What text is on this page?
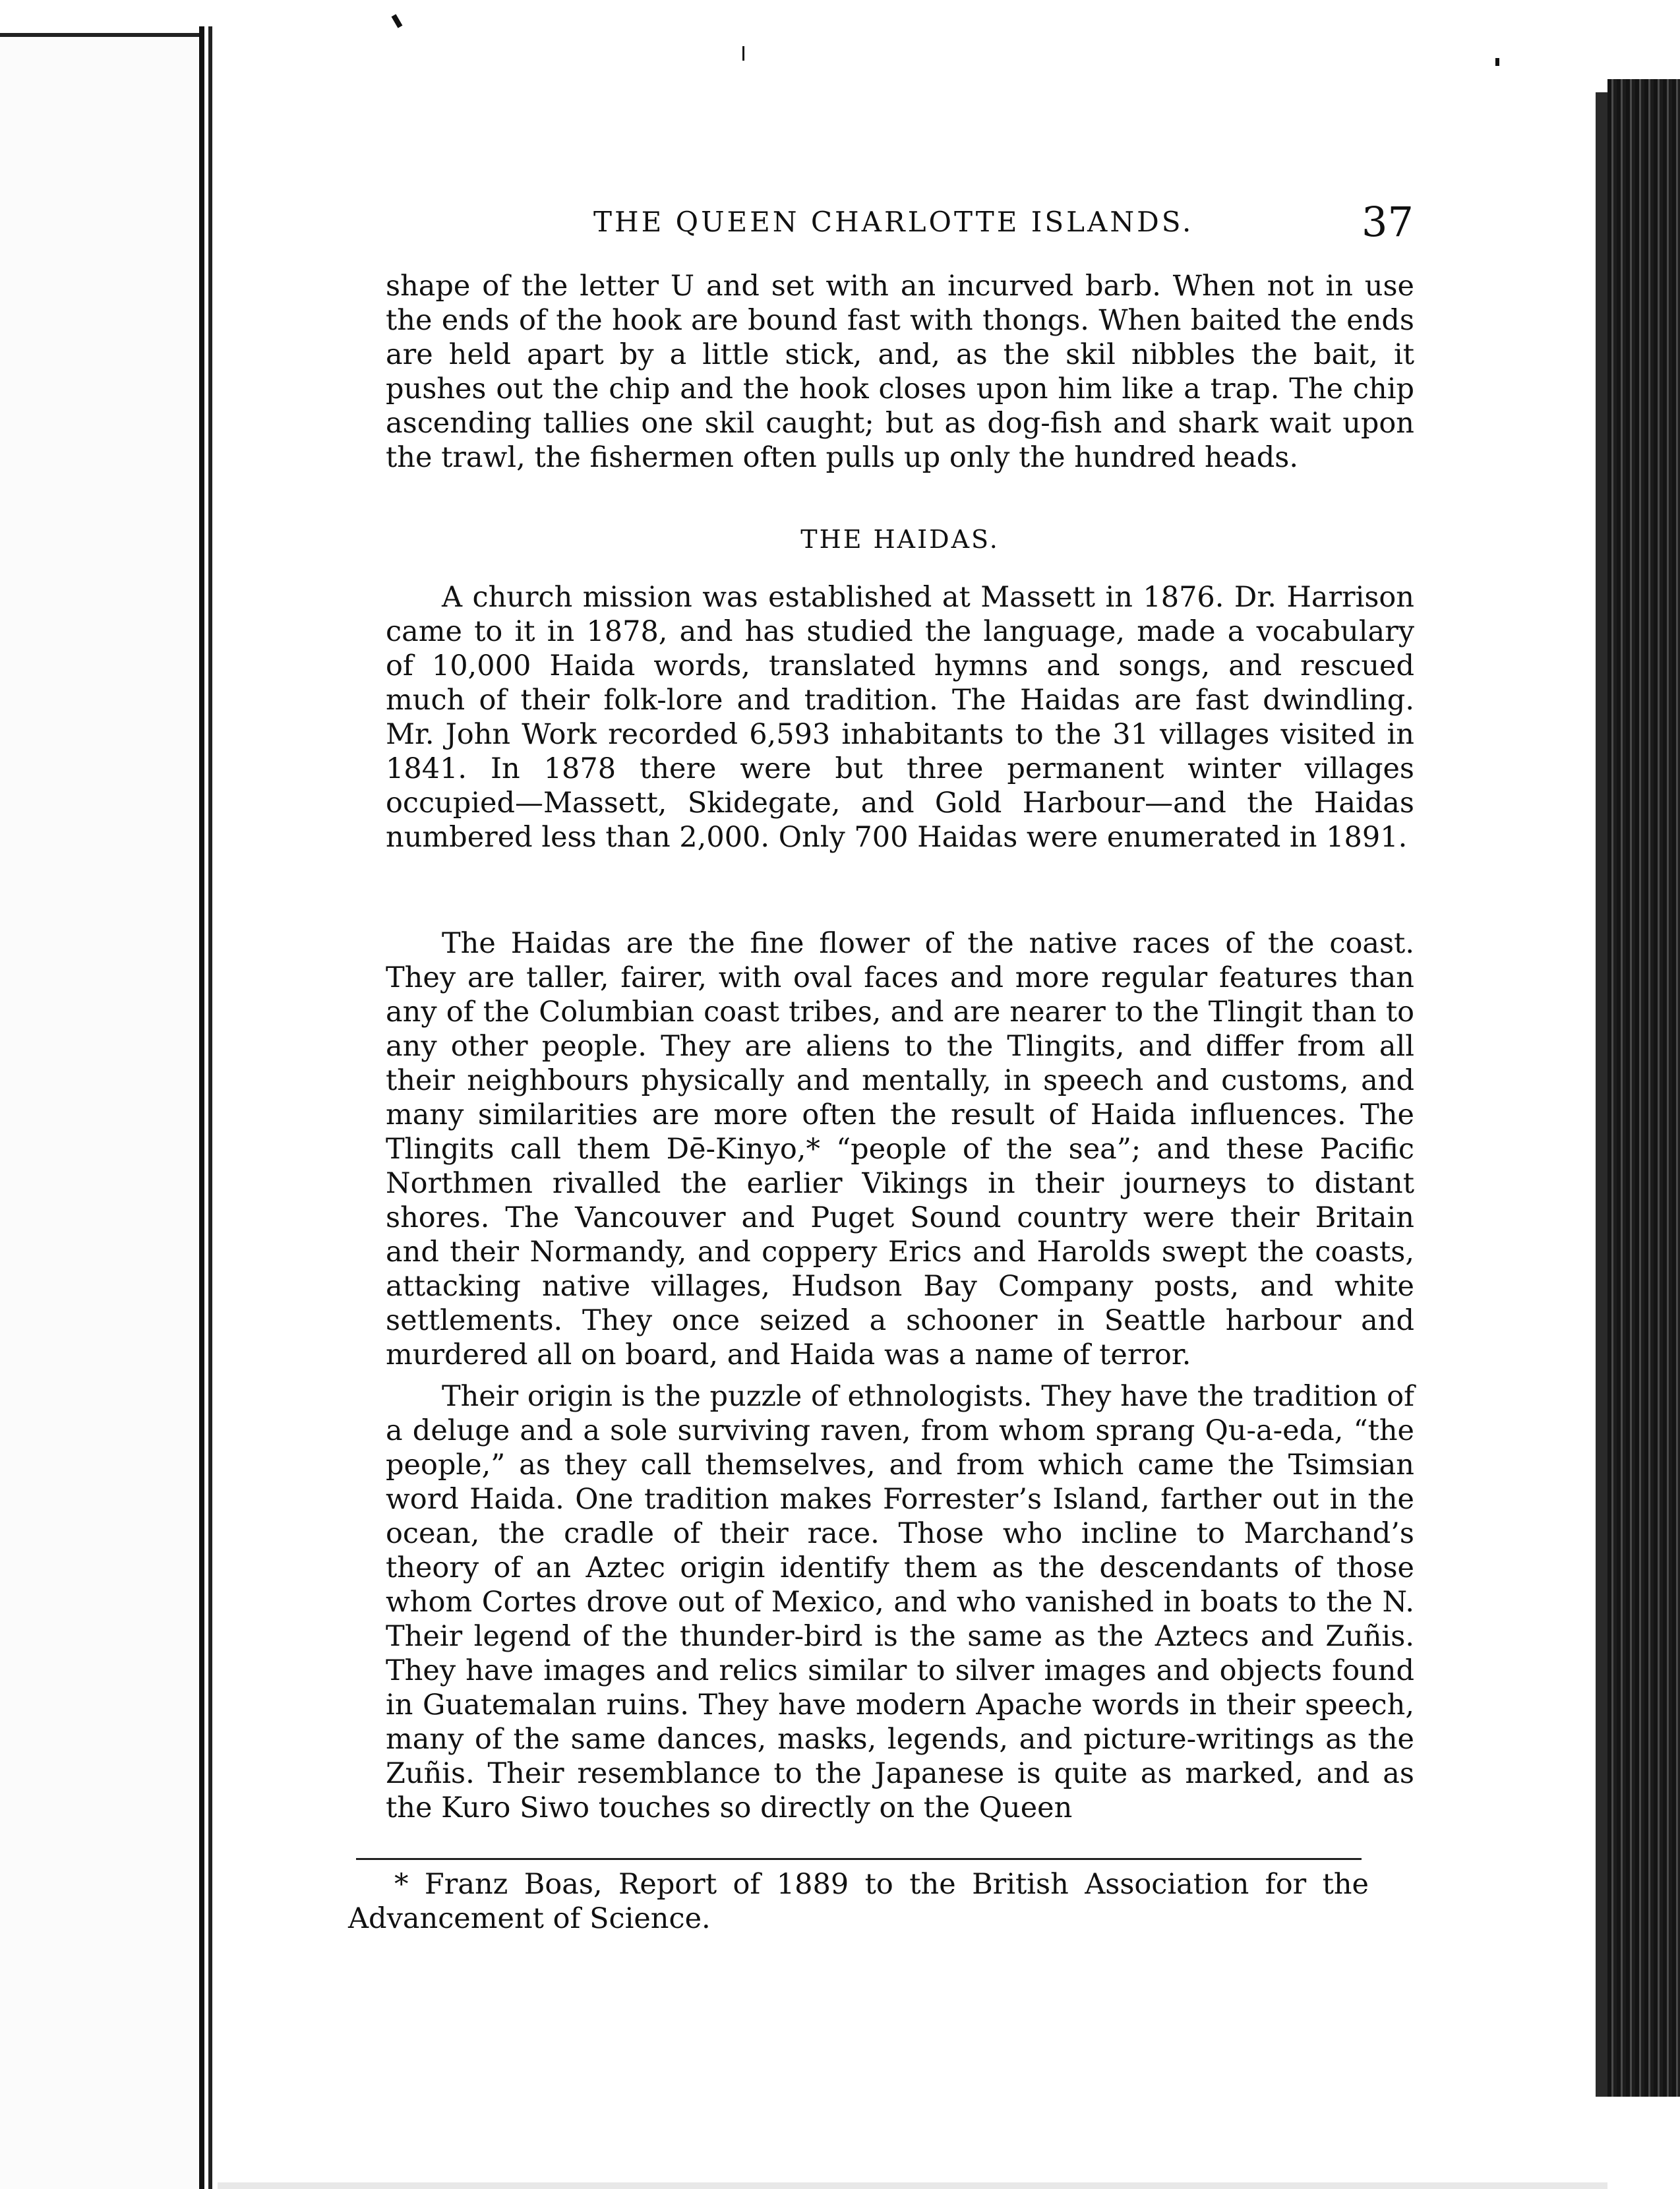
THE QUEEN CHARLOTTE ISLANDS.	37

shape of the letter U and set with an incurved barb. When not in use the ends of the hook are bound fast with thongs. When baited the ends are held apart by a little stick, and, as the skil nibbles the bait, it pushes out the chip and the hook closes upon him like a trap. The chip ascending tallies one skil caught; but as dog-fish and shark wait upon the trawl, the fishermen often pulls up only the hundred heads.

THE HAIDAS.

A church mission was established at Massett in 1876. Dr. Harrison came to it in 1878, and has studied the language, made a vocabulary of 10,000 Haida words, translated hymns and songs, and rescued much of their folk-lore and tradition. The Haidas are fast dwindling. Mr. John Work recorded 6,593 inhabitants to the 31 villages visited in 1841. In 1878 there were but three permanent winter villages occupied—Massett, Skidegate, and Gold Harbour—and the Haidas numbered less than 2,000. Only 700 Haidas were enumerated in 1891.

The Haidas are the fine flower of the native races of the coast. They are taller, fairer, with oval faces and more regular features than any of the Columbian coast tribes, and are nearer to the Tlingit than to any other people. They are aliens to the Tlingits, and differ from all their neighbours physically and mentally, in speech and customs, and many similarities are more often the result of Haida influences. The Tlingits call them Dē-Kinyo,* “people of the sea”; and these Pacific Northmen rivalled the earlier Vikings in their journeys to distant shores. The Vancouver and Puget Sound country were their Britain and their Normandy, and coppery Erics and Harolds swept the coasts, attacking native villages, Hudson Bay Company posts, and white settlements. They once seized a schooner in Seattle harbour and murdered all on board, and Haida was a name of terror.

Their origin is the puzzle of ethnologists. They have the tradition of a deluge and a sole surviving raven, from whom sprang Qu-a-eda, “the people,” as they call themselves, and from which came the Tsimsian word Haida. One tradition makes Forrester’s Island, farther out in the ocean, the cradle of their race. Those who incline to Marchand’s theory of an Aztec origin identify them as the descendants of those whom Cortes drove out of Mexico, and who vanished in boats to the N. Their legend of the thunder-bird is the same as the Aztecs and Zuñis. They have images and relics similar to silver images and objects found in Guatemalan ruins. They have modern Apache words in their speech, many of the same dances, masks, legends, and picture-writings as the Zuñis. Their resemblance to the Japanese is quite as marked, and as the Kuro Siwo touches so directly on the Queen

* Franz Boas, Report of 1889 to the British Association for the Advancement of Science.
